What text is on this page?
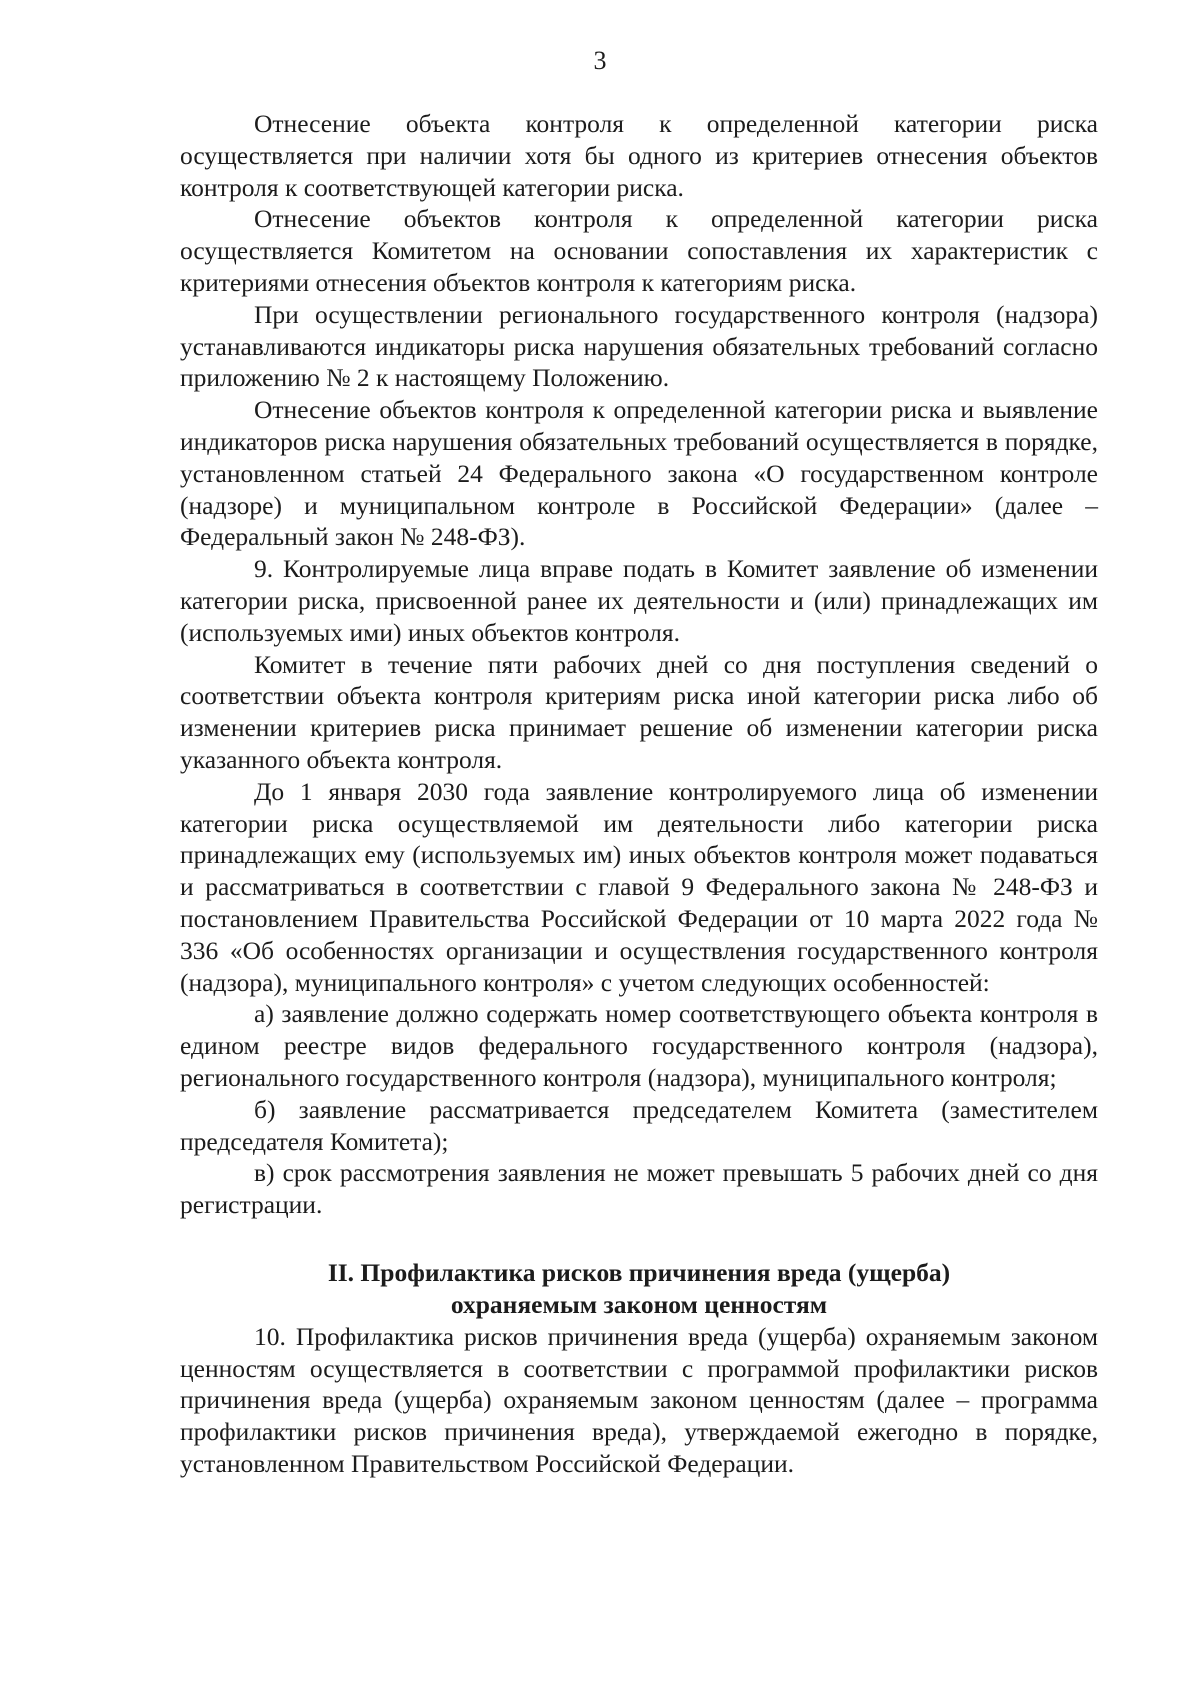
3

Отнесение объекта контроля к определенной категории риска осуществляется при наличии хотя бы одного из критериев отнесения объектов контроля к соответствующей категории риска.

Отнесение объектов контроля к определенной категории риска осуществляется Комитетом на основании сопоставления их характеристик с критериями отнесения объектов контроля к категориям риска.

При осуществлении регионального государственного контроля (надзора) устанавливаются индикаторы риска нарушения обязательных требований согласно приложению № 2 к настоящему Положению.

Отнесение объектов контроля к определенной категории риска и выявление индикаторов риска нарушения обязательных требований осуществляется в порядке, установленном статьей 24 Федерального закона «О государственном контроле (надзоре) и муниципальном контроле в Российской Федерации» (далее – Федеральный закон № 248-ФЗ).

9. Контролируемые лица вправе подать в Комитет заявление об изменении категории риска, присвоенной ранее их деятельности и (или) принадлежащих им (используемых ими) иных объектов контроля.

Комитет в течение пяти рабочих дней со дня поступления сведений о соответствии объекта контроля критериям риска иной категории риска либо об изменении критериев риска принимает решение об изменении категории риска указанного объекта контроля.

До 1 января 2030 года заявление контролируемого лица об изменении категории риска осуществляемой им деятельности либо категории риска принадлежащих ему (используемых им) иных объектов контроля может подаваться и рассматриваться в соответствии с главой 9 Федерального закона № 248-ФЗ и постановлением Правительства Российской Федерации от 10 марта 2022 года № 336 «Об особенностях организации и осуществления государственного контроля (надзора), муниципального контроля» с учетом следующих особенностей:

а) заявление должно содержать номер соответствующего объекта контроля в едином реестре видов федерального государственного контроля (надзора), регионального государственного контроля (надзора), муниципального контроля;

б) заявление рассматривается председателем Комитета (заместителем председателя Комитета);

в) срок рассмотрения заявления не может превышать 5 рабочих дней со дня регистрации.

II. Профилактика рисков причинения вреда (ущерба)
охраняемым законом ценностям

10. Профилактика рисков причинения вреда (ущерба) охраняемым законом ценностям осуществляется в соответствии с программой профилактики рисков причинения вреда (ущерба) охраняемым законом ценностям (далее – программа профилактики рисков причинения вреда), утверждаемой ежегодно в порядке, установленном Правительством Российской Федерации.
